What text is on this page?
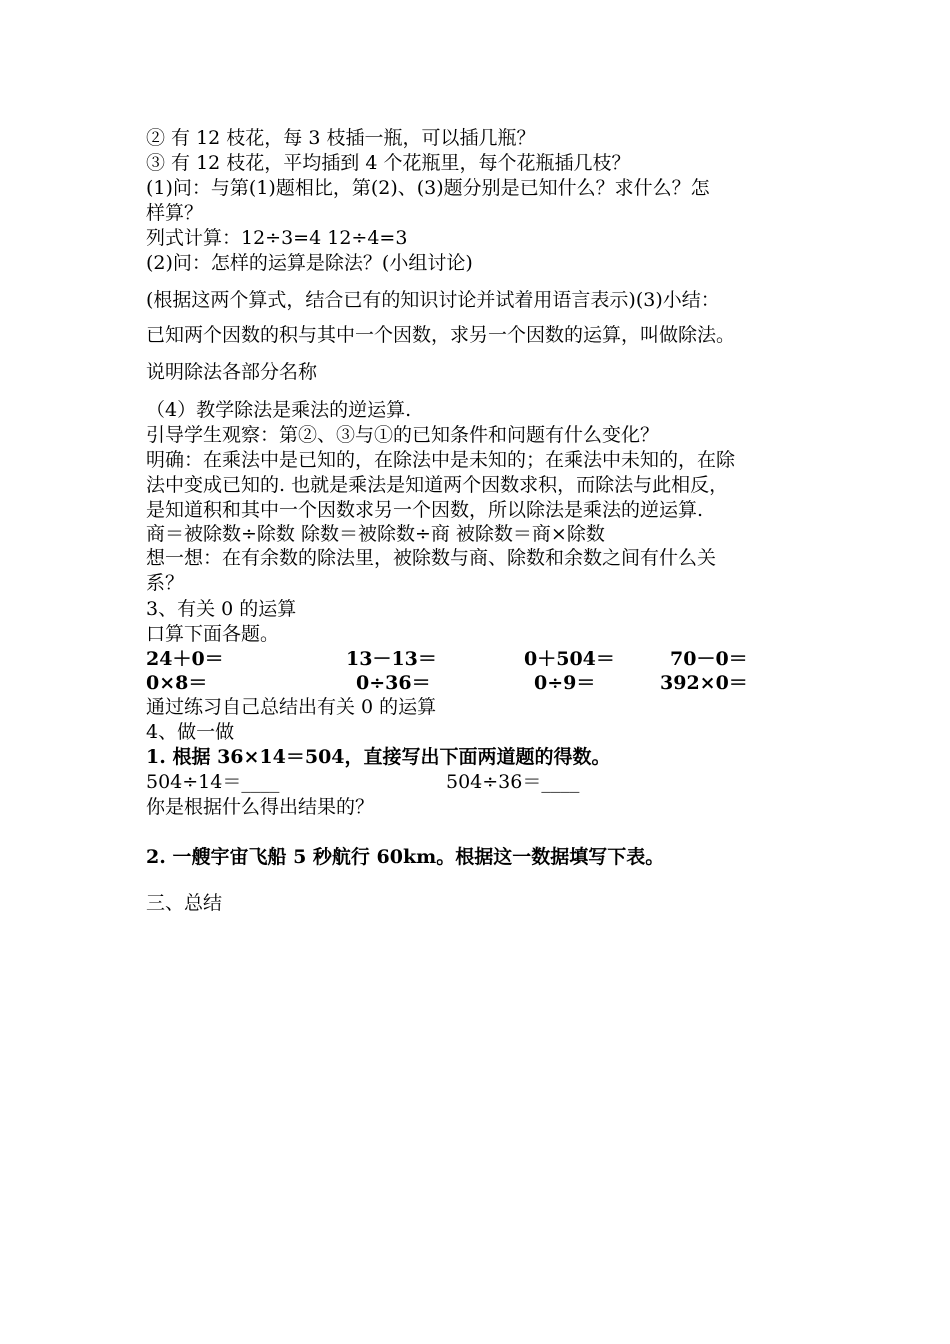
② 有 12 枝花，每 3 枝插一瓶，可以插几瓶？
③ 有 12 枝花，平均插到 4 个花瓶里，每个花瓶插几枝？
(1)问：与第(1)题相比，第(2)、(3)题分别是已知什么？求什么？怎
样算？
列式计算：12÷3=4 12÷4=3
(2)问：怎样的运算是除法？(小组讨论)
(根据这两个算式，结合已有的知识讨论并试着用语言表示)(3)小结：
已知两个因数的积与其中一个因数，求另一个因数的运算，叫做除法。
说明除法各部分名称
（4）教学除法是乘法的逆运算.
引导学生观察：第②、③与①的已知条件和问题有什么变化？
明确：在乘法中是已知的，在除法中是未知的；在乘法中未知的，在除
法中变成已知的. 也就是乘法是知道两个因数求积，而除法与此相反，
是知道积和其中一个因数求另一个因数，所以除法是乘法的逆运算.
商＝被除数÷除数 除数＝被除数÷商 被除数＝商×除数
想一想：在有余数的除法里，被除数与商、除数和余数之间有什么关
系？
3、有关 0 的运算
口算下面各题。
24＋0＝	13－13＝	0＋504＝	70－0＝
0×8＝	0÷36＝	0÷9＝	392×0＝
通过练习自己总结出有关 0 的运算
4、做一做
1. 根据 36×14＝504，直接写出下面两道题的得数。
504÷14＝____	504÷36＝____
你是根据什么得出结果的？
2. 一艘宇宙飞船 5 秒航行 60km。根据这一数据填写下表。
三、总结
